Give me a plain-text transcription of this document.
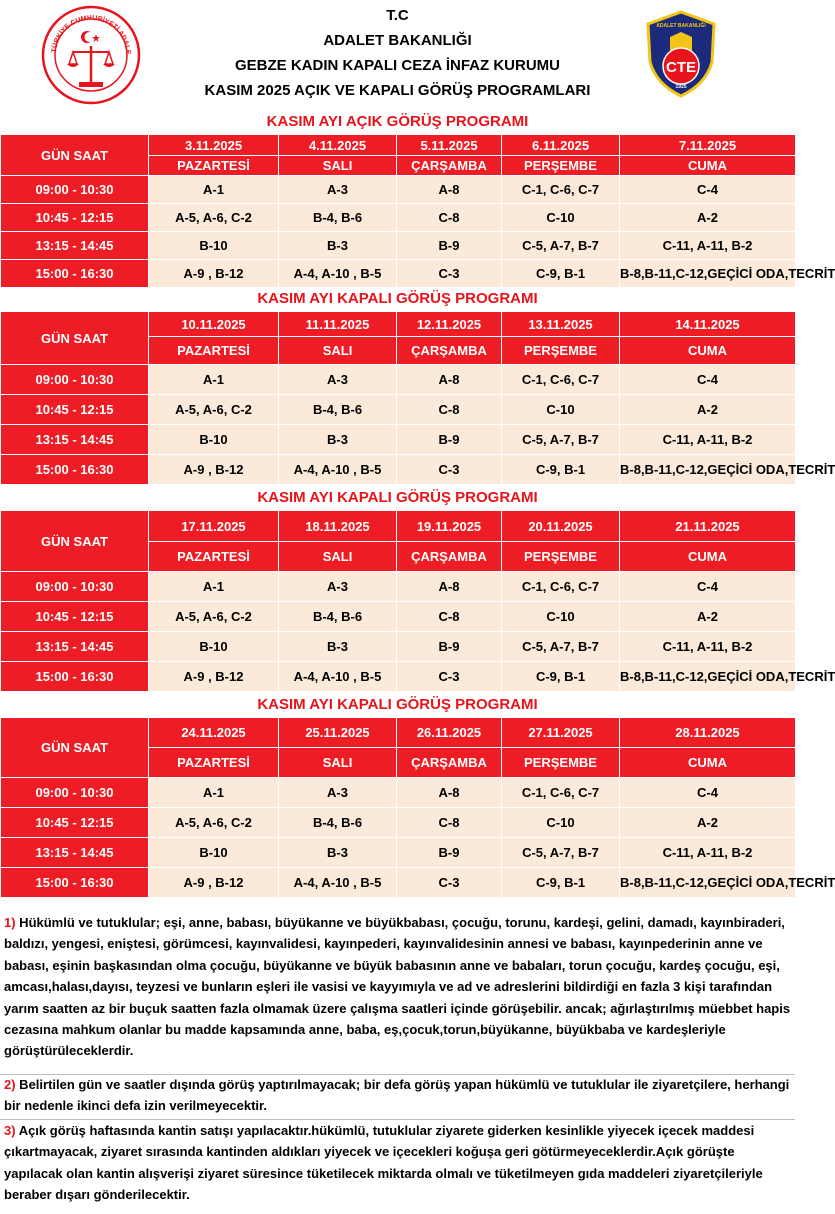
TÜRKİYE CUMHURİYETİ ADALE
T.C
ADALET BAKANLIĞI
GEBZE KADIN KAPALI CEZA İNFAZ KURUMU
KASIM 2025 AÇIK VE KAPALI GÖRÜŞ PROGRAMLARI
ADALET BAKANLIĞI
CTE
1925
KASIM AYI AÇIK GÖRÜŞ PROGRAMI
GÜN SAAT	3.11.2025	4.11.2025	5.11.2025	6.11.2025	7.11.2025
	PAZARTESİ	SALI	ÇARŞAMBA	PERŞEMBE	CUMA
09:00 - 10:30	A-1	A-3	A-8	C-1, C-6, C-7	C-4
10:45 - 12:15	A-5, A-6, C-2	B-4, B-6	C-8	C-10	A-2
13:15 - 14:45	B-10	B-3	B-9	C-5, A-7, B-7	C-11, A-11, B-2
15:00 - 16:30	A-9 , B-12	A-4, A-10 , B-5	C-3	C-9, B-1	B-8,B-11,C-12,GEÇİCİ ODA,TECRİT
KASIM AYI KAPALI GÖRÜŞ PROGRAMI
GÜN SAAT	10.11.2025	11.11.2025	12.11.2025	13.11.2025	14.11.2025
	PAZARTESİ	SALI	ÇARŞAMBA	PERŞEMBE	CUMA
09:00 - 10:30	A-1	A-3	A-8	C-1, C-6, C-7	C-4
10:45 - 12:15	A-5, A-6, C-2	B-4, B-6	C-8	C-10	A-2
13:15 - 14:45	B-10	B-3	B-9	C-5, A-7, B-7	C-11, A-11, B-2
15:00 - 16:30	A-9 , B-12	A-4, A-10 , B-5	C-3	C-9, B-1	B-8,B-11,C-12,GEÇİCİ ODA,TECRİT
KASIM AYI KAPALI GÖRÜŞ PROGRAMI
GÜN SAAT	17.11.2025	18.11.2025	19.11.2025	20.11.2025	21.11.2025
	PAZARTESİ	SALI	ÇARŞAMBA	PERŞEMBE	CUMA
09:00 - 10:30	A-1	A-3	A-8	C-1, C-6, C-7	C-4
10:45 - 12:15	A-5, A-6, C-2	B-4, B-6	C-8	C-10	A-2
13:15 - 14:45	B-10	B-3	B-9	C-5, A-7, B-7	C-11, A-11, B-2
15:00 - 16:30	A-9 , B-12	A-4, A-10 , B-5	C-3	C-9, B-1	B-8,B-11,C-12,GEÇİCİ ODA,TECRİT
KASIM AYI KAPALI GÖRÜŞ PROGRAMI
GÜN SAAT	24.11.2025	25.11.2025	26.11.2025	27.11.2025	28.11.2025
	PAZARTESİ	SALI	ÇARŞAMBA	PERŞEMBE	CUMA
09:00 - 10:30	A-1	A-3	A-8	C-1, C-6, C-7	C-4
10:45 - 12:15	A-5, A-6, C-2	B-4, B-6	C-8	C-10	A-2
13:15 - 14:45	B-10	B-3	B-9	C-5, A-7, B-7	C-11, A-11, B-2
15:00 - 16:30	A-9 , B-12	A-4, A-10 , B-5	C-3	C-9, B-1	B-8,B-11,C-12,GEÇİCİ ODA,TECRİT
1) Hükümlü ve tutuklular; eşi, anne, babası, büyükanne ve büyükbabası, çocuğu, torunu, kardeşi, gelini, damadı, kayınbiraderi, baldızı, yengesi, eniştesi, görümcesi, kayınvalidesi, kayınpederi, kayınvalidesinin annesi ve babası, kayınpederinin anne ve babası, eşinin başkasından olma çocuğu, büyükanne ve büyük babasının anne ve babaları, torun çocuğu, kardeş çocuğu, eşi, amcası,halası,dayısı, teyzesi ve bunların eşleri ile vasisi ve kayyımıyla ve ad ve adreslerini bildirdiği en fazla 3 kişi tarafından yarım saatten az bir buçuk saatten fazla olmamak üzere çalışma saatleri içinde görüşebilir. ancak; ağırlaştırılmış müebbet hapis cezasına mahkum olanlar bu madde kapsamında anne, baba, eş,çocuk,torun,büyükanne, büyükbaba ve kardeşleriyle görüştürüleceklerdir.
2) Belirtilen gün ve saatler dışında görüş yaptırılmayacak; bir defa görüş yapan hükümlü ve tutuklular ile ziyaretçilere, herhangi bir nedenle ikinci defa izin verilmeyecektir.
3) Açık görüş haftasında kantin satışı yapılacaktır.hükümlü, tutuklular ziyarete giderken kesinlikle yiyecek içecek maddesi çıkartmayacak, ziyaret sırasında kantinden aldıkları yiyecek ve içecekleri koğuşa geri götürmeyeceklerdir.Açık görüşte yapılacak olan kantin alışverişi ziyaret süresince tüketilecek miktarda olmalı ve tüketilmeyen gıda maddeleri ziyaretçileriyle beraber dışarı gönderilecektir.
